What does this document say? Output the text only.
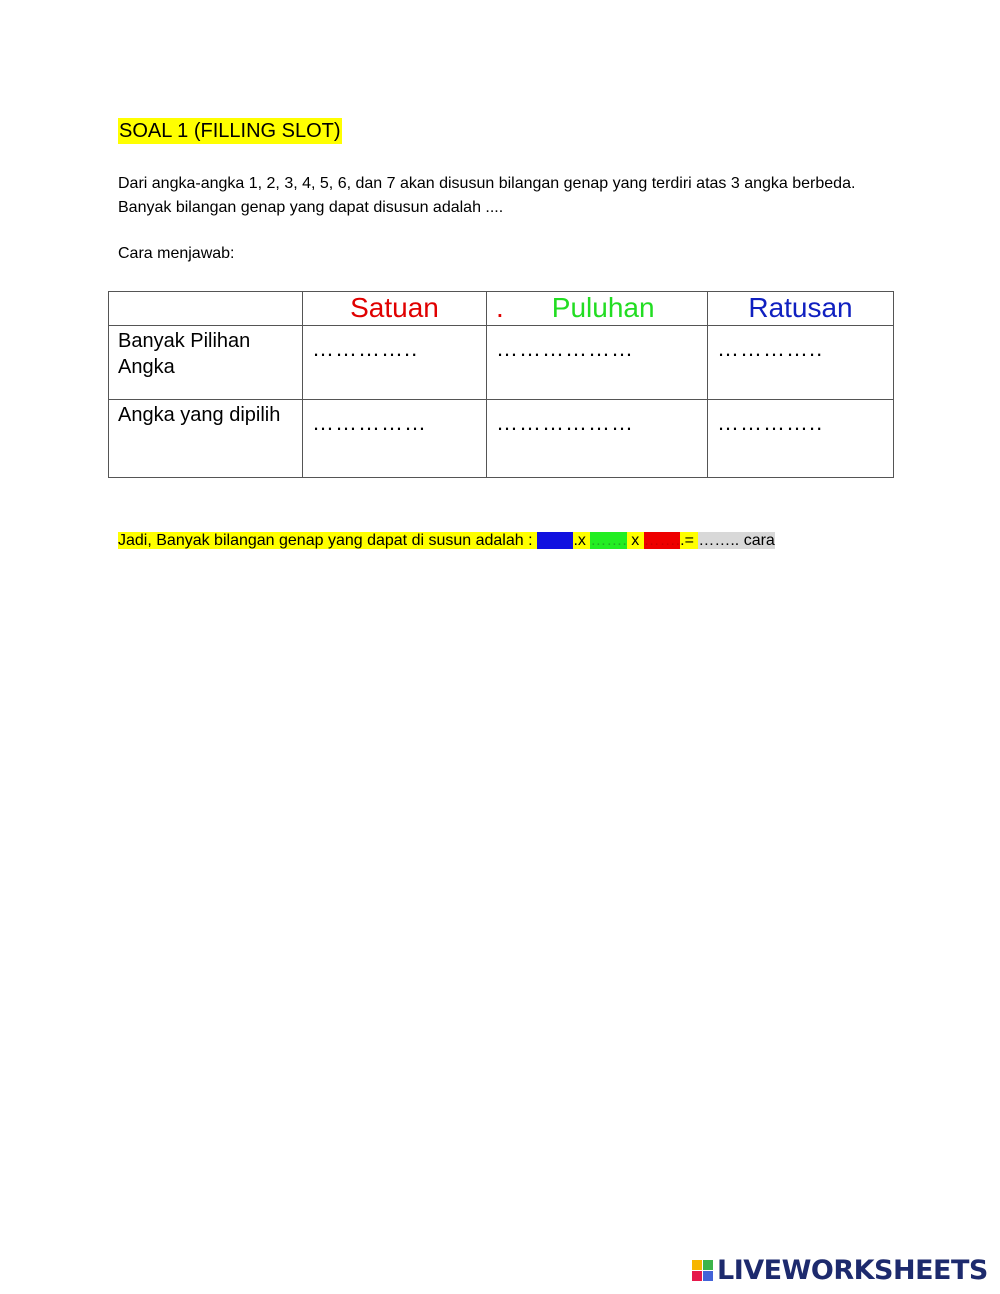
SOAL 1 (FILLING SLOT)
Dari angka-angka 1, 2, 3, 4, 5, 6, dan 7 akan disusun bilangan genap yang terdiri atas 3 angka berbeda. Banyak bilangan genap yang dapat disusun adalah ....
Cara menjawab:
	Satuan	. Puluhan	Ratusan
Banyak Pilihan Angka	…………..	………………	…………..
Angka yang dipilih	……………	………………	…………..
Jadi, Banyak bilangan genap yang dapat di susun adalah : ……..x ……. x ……..= …….. cara
LIVEWORKSHEETS
